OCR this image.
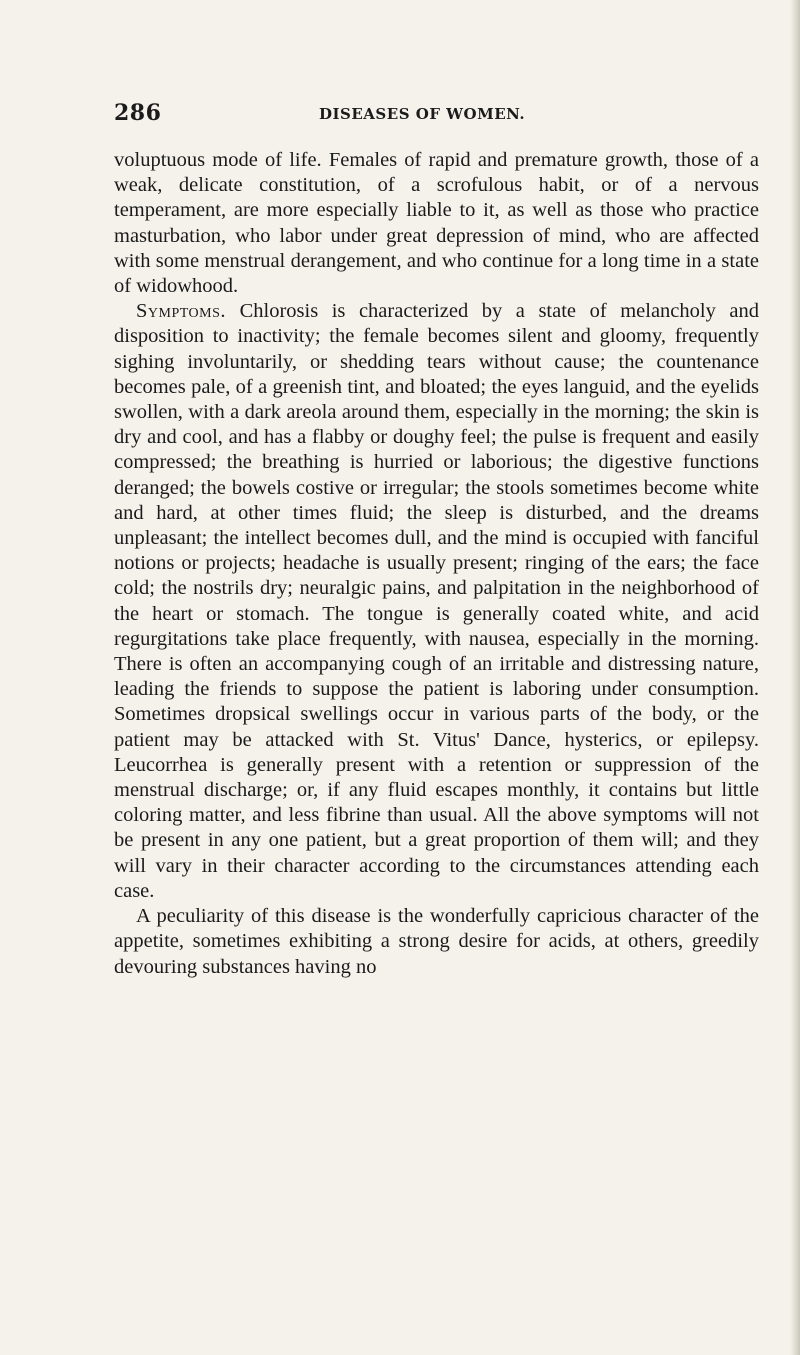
286	DISEASES OF WOMEN.

voluptuous mode of life. Females of rapid and premature growth, those of a weak, delicate constitution, of a scrofulous habit, or of a nervous temperament, are more especially liable to it, as well as those who practice masturbation, who labor under great depression of mind, who are affected with some menstrual derangement, and who continue for a long time in a state of widowhood.

Symptoms. Chlorosis is characterized by a state of melancholy and disposition to inactivity; the female becomes silent and gloomy, frequently sighing involuntarily, or shedding tears without cause; the countenance becomes pale, of a greenish tint, and bloated; the eyes languid, and the eyelids swollen, with a dark areola around them, especially in the morning; the skin is dry and cool, and has a flabby or doughy feel; the pulse is frequent and easily compressed; the breathing is hurried or laborious; the digestive functions deranged; the bowels costive or irregular; the stools sometimes become white and hard, at other times fluid; the sleep is disturbed, and the dreams unpleasant; the intellect becomes dull, and the mind is occupied with fanciful notions or projects; headache is usually present; ringing of the ears; the face cold; the nostrils dry; neuralgic pains, and palpitation in the neighborhood of the heart or stomach. The tongue is generally coated white, and acid regurgitations take place frequently, with nausea, especially in the morning. There is often an accompanying cough of an irritable and distressing nature, leading the friends to suppose the patient is laboring under consumption. Sometimes dropsical swellings occur in various parts of the body, or the patient may be attacked with St. Vitus' Dance, hysterics, or epilepsy. Leucorrhea is generally present with a retention or suppression of the menstrual discharge; or, if any fluid escapes monthly, it contains but little coloring matter, and less fibrine than usual. All the above symptoms will not be present in any one patient, but a great proportion of them will; and they will vary in their character according to the circumstances attending each case.

A peculiarity of this disease is the wonderfully capricious character of the appetite, sometimes exhibiting a strong desire for acids, at others, greedily devouring substances having no
